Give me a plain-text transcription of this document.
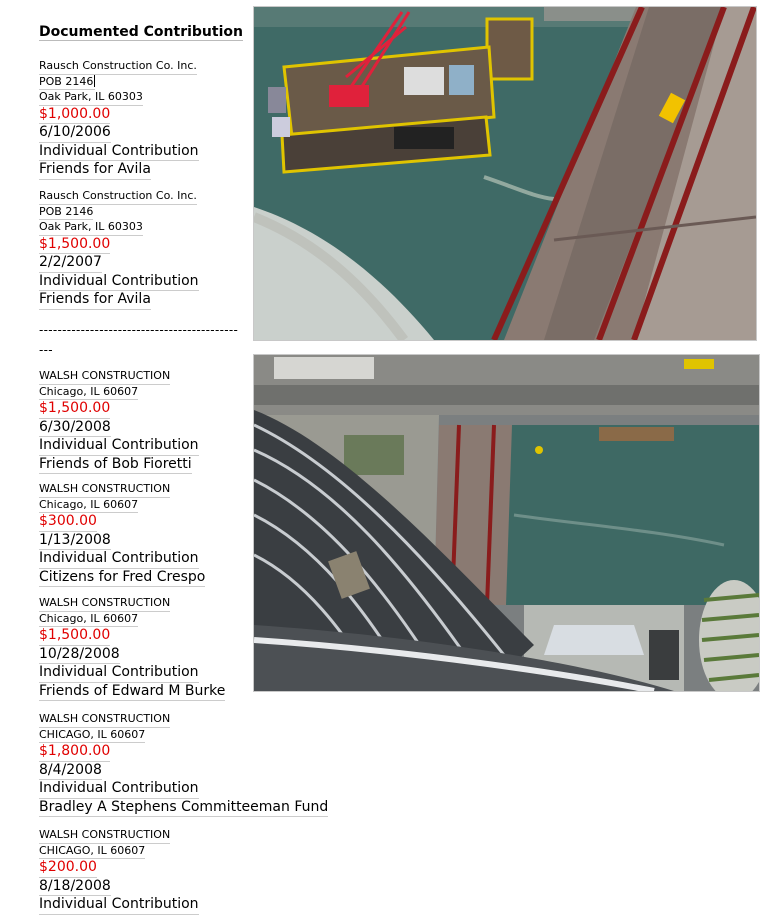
Documented Contribution
Rausch Construction Co. Inc.
POB 2146
Oak Park, IL 60303
$1,000.00
6/10/2006
Individual Contribution
Friends for Avila
Rausch Construction Co. Inc.
POB 2146
Oak Park, IL 60303
$1,500.00
2/2/2007
Individual Contribution
Friends for Avila
----------------------------------------------
WALSH CONSTRUCTION
Chicago, IL 60607
$1,500.00
6/30/2008
Individual Contribution
Friends of Bob Fioretti
WALSH CONSTRUCTION
Chicago, IL 60607
$300.00
1/13/2008
Individual Contribution
Citizens for Fred Crespo
WALSH CONSTRUCTION
Chicago, IL 60607
$1,500.00
10/28/2008
Individual Contribution
Friends of Edward M Burke
WALSH CONSTRUCTION
CHICAGO, IL 60607
$1,800.00
8/4/2008
Individual Contribution
Bradley A Stephens Committeeman Fund
WALSH CONSTRUCTION
CHICAGO, IL 60607
$200.00
8/18/2008
Individual Contribution
